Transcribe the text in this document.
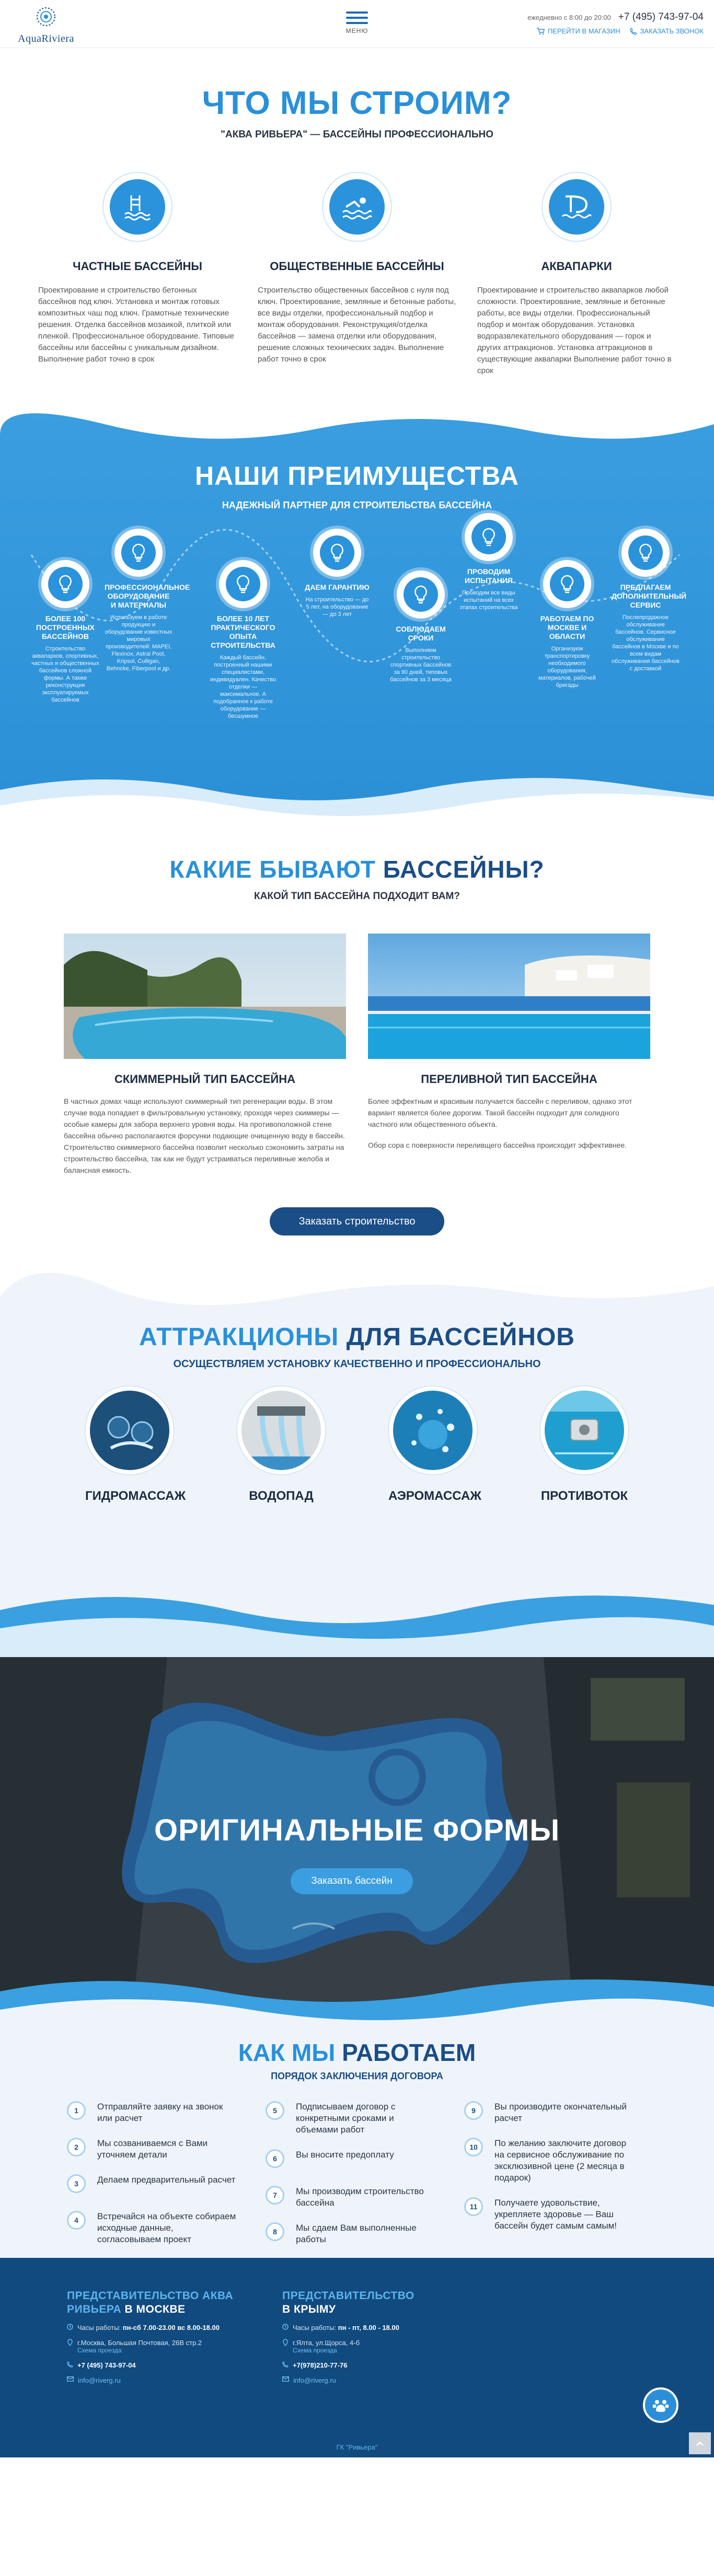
AquaRiviera
МЕНЮ
ежедневно с 8:00 до 20:00 +7 (495) 743-97-04
ПЕРЕЙТИ В МАГАЗИН	ЗАКАЗАТЬ ЗВОНОК
ЧТО МЫ СТРОИМ?
"АКВА РИВЬЕРА" — БАССЕЙНЫ ПРОФЕССИОНАЛЬНО
ЧАСТНЫЕ БАССЕЙНЫ

Проектирование и строительство бетонных бассейнов под ключ. Установка и монтаж готовых композитных чаш под ключ. Грамотные технические решения. Отделка бассейнов мозаикой, плиткой или пленкой. Профессиональное оборудование. Типовые бассейны или бассейны с уникальным дизайном. Выполнение работ точно в срок

ОБЩЕСТВЕННЫЕ БАССЕЙНЫ

Строительство общественных бассейнов с нуля под ключ. Проектирование, земляные и бетонные работы, все виды отделки, профессиональный подбор и монтаж оборудования. Реконструкция/отделка бассейнов — замена отделки или оборудования, решение сложных технических задач. Выполнение работ точно в срок

АКВАПАРКИ

Проектирование и строительство аквапарков любой сложности. Проектирование, земляные и бетонные работы, все виды отделки. Профессиональный подбор и монтаж оборудования. Установка водоразвлекательного оборудования — горок и других аттракционов. Установка аттракционов в существующие аквапарки Выполнение работ точно в срок

НАШИ ПРЕИМУЩЕСТВА
НАДЕЖНЫЙ ПАРТНЕР ДЛЯ СТРОИТЕЛЬСТВА БАССЕЙНА
БОЛЕЕ 100 ПОСТРОЕННЫХ БАССЕЙНОВ

Строительство аквапарков, спортивных, частных и общественных бассейнов сложной формы. А также реконструкция эксплуатируемых бассейнов

ПРОФЕССИОНАЛЬНОЕ ОБОРУДОВАНИЕ И МАТЕРИАЛЫ

Используем в работе продукцию и оборудование известных мировых производителей: MAPEI, Flexinox, Astral Pool, Kripsol, Culligan, Behncke, Fiberpool и др.

БОЛЕЕ 10 ЛЕТ ПРАКТИЧЕСКОГО ОПЫТА СТРОИТЕЛЬСТВА

Каждый бассейн, построенный нашими специалистами, индивидуален. Качество отделки — максимальное. А подобранное к работе оборудование — бесшумное

ДАЕМ ГАРАНТИЮ

На строительство — до 5 лет, на оборудование — до 3 лет

СОБЛЮДАЕМ СРОКИ

Выполняем строительство спортивных бассейнов за 90 дней, типовых бассейнов за 3 месяца

ПРОВОДИМ ИСПЫТАНИЯ

Проводим все виды испытаний на всех этапах строительства

РАБОТАЕМ ПО МОСКВЕ И ОБЛАСТИ

Организуем транспортировку необходимого оборудования, материалов, рабочей бригады

ПРЕДЛАГАЕМ ДОПОЛНИТЕЛЬНЫЙ СЕРВИС

Послепродажное обслуживание бассейнов. Сервисное обслуживание бассейнов в Москве и по всем видам обслуживания бассейнов с доставкой

КАКИЕ БЫВАЮТ БАССЕЙНЫ?
КАКОЙ ТИП БАССЕЙНА ПОДХОДИТ ВАМ?
СКИММЕРНЫЙ ТИП БАССЕЙНА

В частных домах чаще используют скиммерный тип регенерации воды. В этом случае вода попадает в фильтровальную установку, проходя через скиммеры — особые камеры для забора верхнего уровня воды. На противоположной стене бассейна обычно располагаются форсунки подающие очищенную воду в бассейн. Строительство скиммерного бассейна позволит несколько сэкономить затраты на строительство бассейна, так как не будут устраиваться переливные желоба и балансная емкость.

ПЕРЕЛИВНОЙ ТИП БАССЕЙНА

Более эффектным и красивым получается бассейн с переливом, однако этот вариант является более дорогим. Такой бассейн подходит для солидного частного или общественного объекта.

Обор сора с поверхности переливщего бассейна происходит эффективнее.

Заказать строительство
АТТРАКЦИОНЫ ДЛЯ БАССЕЙНОВ
ОСУЩЕСТВЛЯЕМ УСТАНОВКУ КАЧЕСТВЕННО И ПРОФЕССИОНАЛЬНО
ГИДРОМАССАЖ	ВОДОПАД	АЭРОМАССАЖ	ПРОТИВОТОК
ОРИГИНАЛЬНЫЕ ФОРМЫ
Заказать бассейн
КАК МЫ РАБОТАЕМ
ПОРЯДОК ЗАКЛЮЧЕНИЯ ДОГОВОРА
1	Отправляйте заявку на звонок или расчет
2	Мы созваниваемся с Вами уточняем детали
3	Делаем предварительный расчет
4	Встречайся на объекте собираем исходные данные, согласовываем проект
5	Подписываем договор с конкретными сроками и объемами работ
6	Вы вносите предоплату
7	Мы производим строительство бассейна
8	Мы сдаем Вам выполненные работы
9	Вы производите окончательный расчет
10	По желанию заключите договор на сервисное обслуживание по эксклюзивной цене (2 месяца в подарок)
11	Получаете удовольствие, укрепляете здоровье — Ваш бассейн будет самым самым!
ПРЕДСТАВИТЕЛЬСТВО АКВА РИВЬЕРА В МОСКВЕ
Часы работы: пн-сб 7.00-23.00 вс 8.00-18.00
г.Москва, Большая Почтовая, 26В стр.2
Схема проезда
+7 (495) 743-97-04
info@riverg.ru
ПРЕДСТАВИТЕЛЬСТВО
В КРЫМУ
Часы работы: пн - пт, 8.00 - 18.00
г.Ялта, ул.Щорса, 4-б
Схема проезда
+7(978)210-77-76
info@riverg.ru
ГК "Ривьера"
